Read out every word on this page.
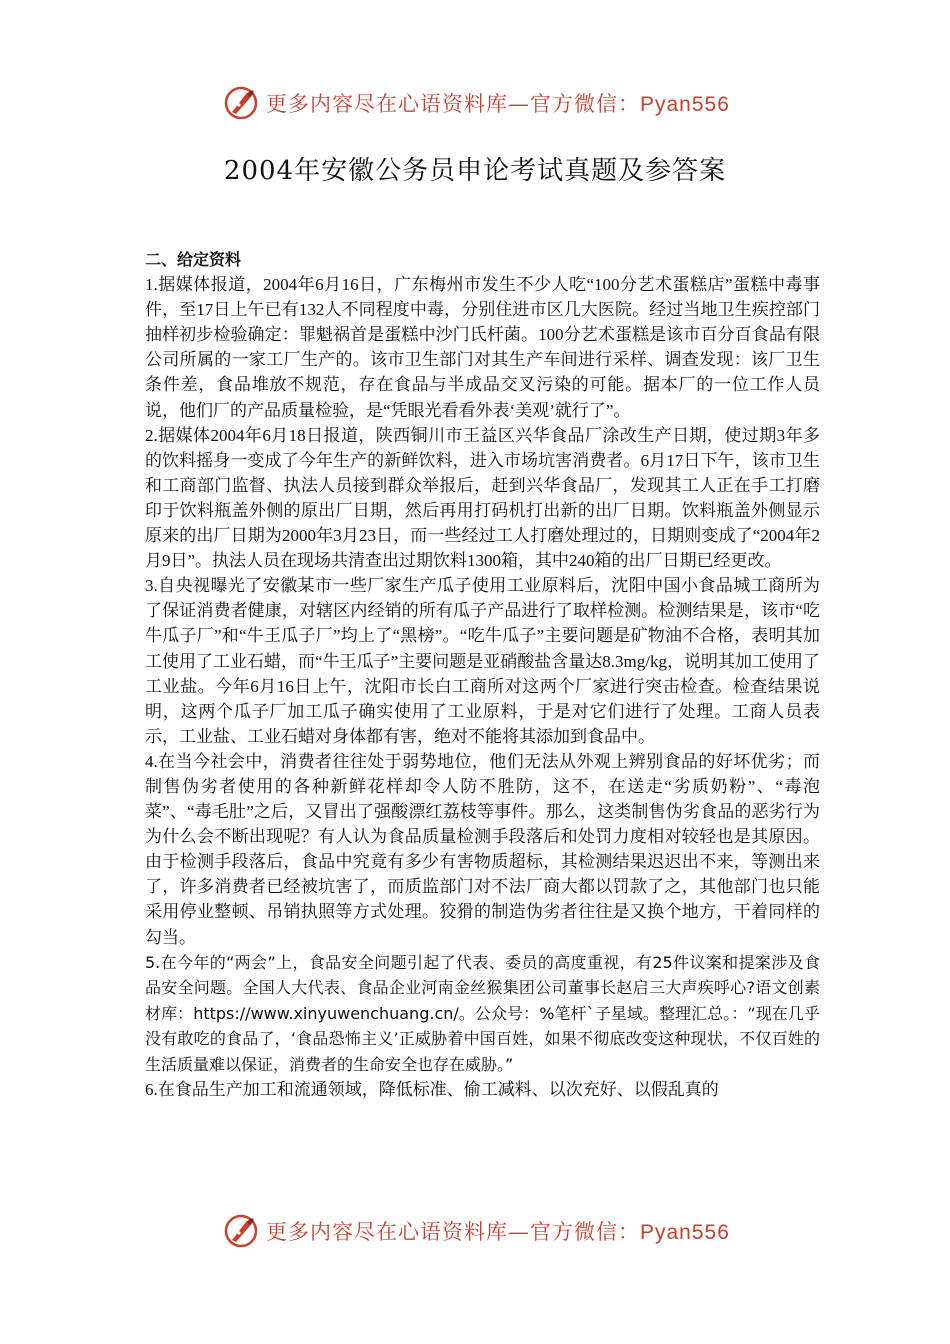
更多内容尽在心语资料库—官方微信：Pyan556
2004年安徽公务员申论考试真题及参答案

二、给定资料

1.据媒体报道，2004年6月16日，广东梅州市发生不少人吃“100分艺术蛋糕店”蛋糕中毒事件，至17日上午已有132人不同程度中毒，分别住进市区几大医院。经过当地卫生疾控部门抽样初步检验确定：罪魁祸首是蛋糕中沙门氏杆菌。100分艺术蛋糕是该市百分百食品有限公司所属的一家工厂生产的。该市卫生部门对其生产车间进行采样、调查发现：该厂卫生条件差，食品堆放不规范，存在食品与半成品交叉污染的可能。据本厂的一位工作人员说，他们厂的产品质量检验，是“凭眼光看看外表‘美观’就行了”。

2.据媒体2004年6月18日报道，陕西铜川市王益区兴华食品厂涂改生产日期，使过期3年多的饮料摇身一变成了今年生产的新鲜饮料，进入市场坑害消费者。6月17日下午，该市卫生和工商部门监督、执法人员接到群众举报后，赶到兴华食品厂，发现其工人正在手工打磨印于饮料瓶盖外侧的原出厂日期，然后再用打码机打出新的出厂日期。饮料瓶盖外侧显示原来的出厂日期为2000年3月23日，而一些经过工人打磨处理过的，日期则变成了“2004年2月9日”。执法人员在现场共清查出过期饮料1300箱，其中240箱的出厂日期已经更改。

3.自央视曝光了安徽某市一些厂家生产瓜子使用工业原料后，沈阳中国小食品城工商所为了保证消费者健康，对辖区内经销的所有瓜子产品进行了取样检测。检测结果是，该市“吃牛瓜子厂”和“牛王瓜子厂”均上了“黑榜”。“吃牛瓜子”主要问题是矿物油不合格，表明其加工使用了工业石蜡，而“牛王瓜子”主要问题是亚硝酸盐含量达8.3mg/kg，说明其加工使用了工业盐。今年6月16日上午，沈阳市长白工商所对这两个厂家进行突击检查。检查结果说明，这两个瓜子厂加工瓜子确实使用了工业原料，于是对它们进行了处理。工商人员表示，工业盐、工业石蜡对身体都有害，绝对不能将其添加到食品中。

4.在当今社会中，消费者往往处于弱势地位，他们无法从外观上辨别食品的好坏优劣；而制售伪劣者使用的各种新鲜花样却令人防不胜防，这不，在送走“劣质奶粉”、“毒泡菜”、“毒毛肚”之后，又冒出了强酸漂红荔枝等事件。那么，这类制售伪劣食品的恶劣行为为什么会不断出现呢？有人认为食品质量检测手段落后和处罚力度相对较轻也是其原因。由于检测手段落后，食品中究竟有多少有害物质超标，其检测结果迟迟出不来，等测出来了，许多消费者已经被坑害了，而质监部门对不法厂商大都以罚款了之，其他部门也只能采用停业整顿、吊销执照等方式处理。狡猾的制造伪劣者往往是又换个地方，干着同样的勾当。

5.在今年的“两会”上，食品安全问题引起了代表、委员的高度重视，有25件议案和提案涉及食品安全问题。全国人大代表、食品企业河南金丝猴集团公司董事长赵启三大声疾呼心?语文创素材库：https://www.xinyuwenchuang.cn/。公众号：%笔杆`子星域。整理汇总。：“现在几乎没有敢吃的食品了，‘食品恐怖主义’正威胁着中国百姓，如果不彻底改变这种现状，不仅百姓的生活质量难以保证，消费者的生命安全也存在威胁。”

6.在食品生产加工和流通领域，降低标准、偷工减料、以次充好、以假乱真的

更多内容尽在心语资料库—官方微信：Pyan556
